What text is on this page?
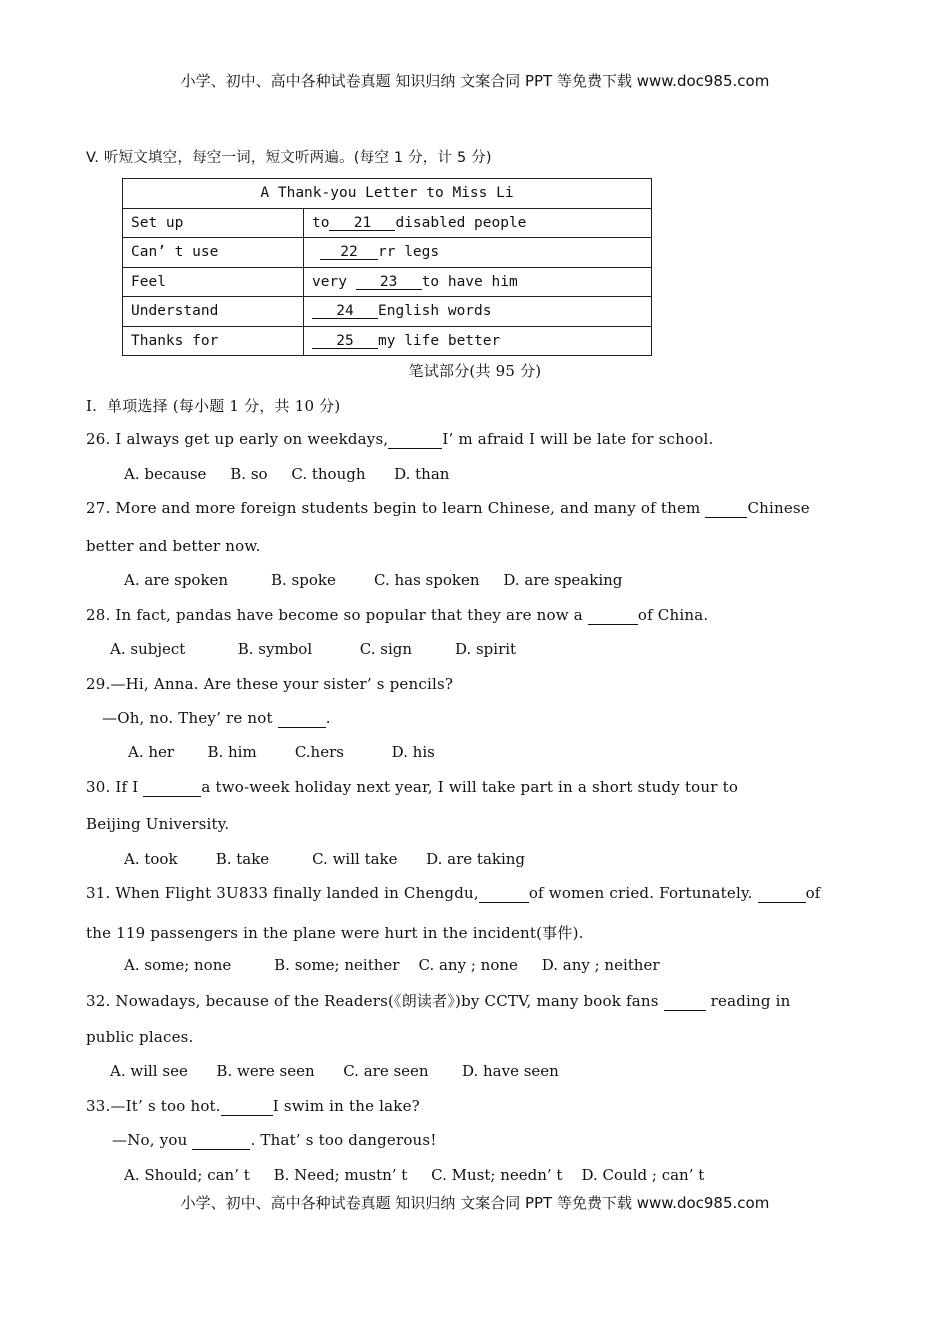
小学、初中、高中各种试卷真题 知识归纳 文案合同 PPT 等免费下载 www.doc985.com
V. 听短文填空，每空一词，短文听两遍。(每空 1 分，计 5 分)
A Thank-you Letter to Miss Li	
Set up	to 21 disabled people
Can’ t use	22 rr legs
Feel	very 23 to have him
Understand	24 English words
Thanks for	25 my life better
笔试部分(共 95 分)
I.  单项选择 (每小题 1 分，共 10 分)
26. I always get up early on weekdays,	I’ m afraid I will be late for school.
A. because     B. so     C. though      D. than
27. More and more foreign students begin to learn Chinese, and many of them	Chinese
better and better now.
A. are spoken         B. spoke        C. has spoken     D. are speaking
28. In fact, pandas have become so popular that they are now a	of China.
A. subject           B. symbol          C. sign         D. spirit
29.—Hi, Anna. Are these your sister’ s pencils?
—Oh, no. They’ re not	.
A. her       B. him        C.hers          D. his
30. If I	a two-week holiday next year, I will take part in a short study tour to
Beijing University.
A. took        B. take         C. will take      D. are taking
31. When Flight 3U833 finally landed in Chengdu,	of women cried. Fortunately.	of
the 119 passengers in the plane were hurt in the incident(事件).
A. some; none         B. some; neither    C. any ; none     D. any ; neither
32. Nowadays, because of the Readers(《朗读者》)by CCTV, many book fans	reading in
public places.
A. will see      B. were seen      C. are seen       D. have seen
33.—It’ s too hot.	I swim in the lake?
—No, you	. That’ s too dangerous!
A. Should; can’ t     B. Need; mustn’ t     C. Must; needn’ t    D. Could ; can’ t
小学、初中、高中各种试卷真题 知识归纳 文案合同 PPT 等免费下载 www.doc985.com
